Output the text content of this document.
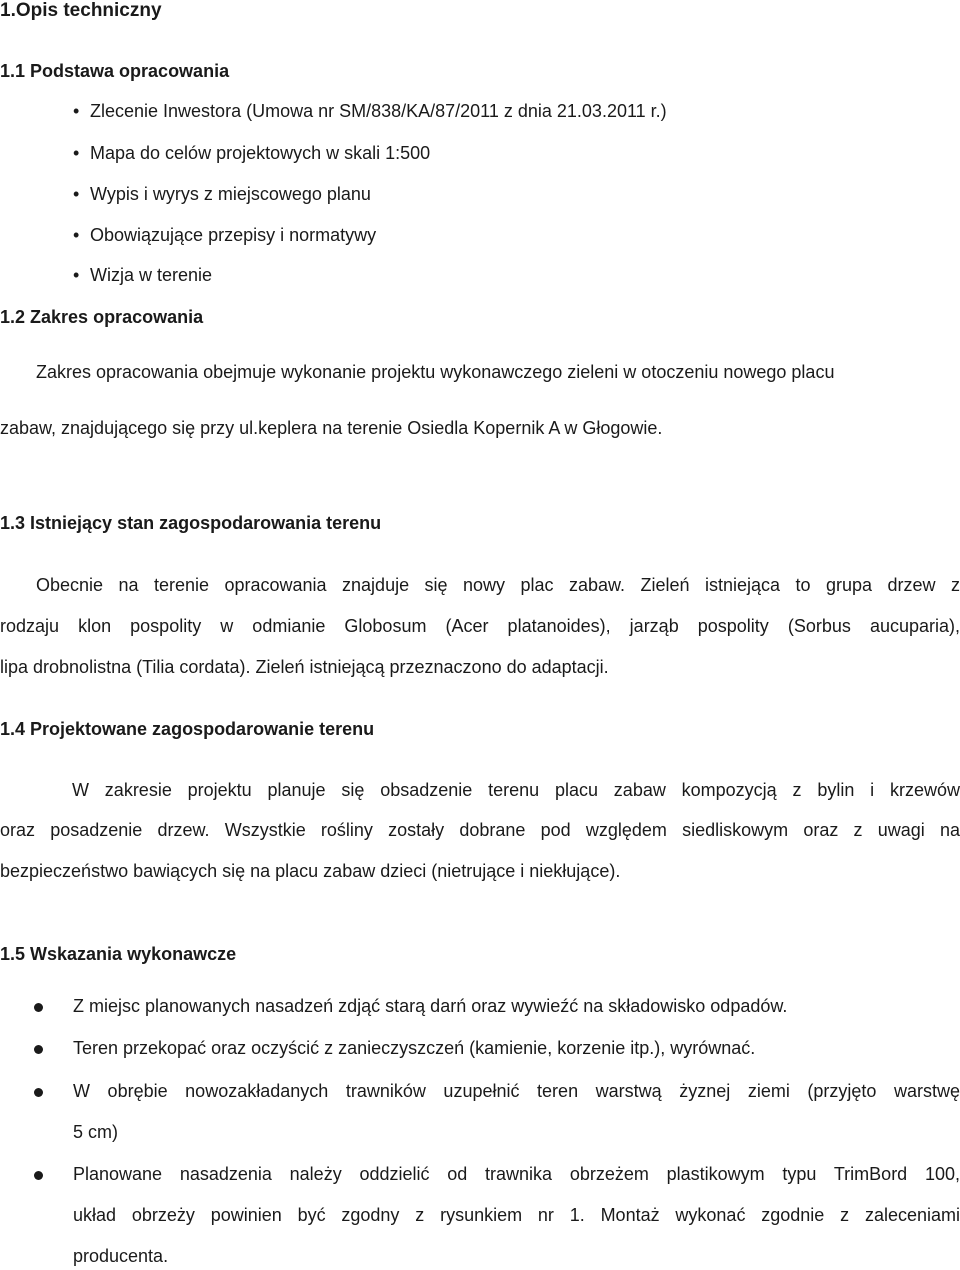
1.Opis techniczny
1.1 Podstawa opracowania
• Zlecenie Inwestora (Umowa nr SM/838/KA/87/2011 z dnia 21.03.2011 r.)
• Mapa do celów projektowych w skali 1:500
• Wypis i wyrys z miejscowego planu
• Obowiązujące przepisy i normatywy
• Wizja w terenie
1.2 Zakres opracowania
Zakres opracowania obejmuje wykonanie projektu wykonawczego zieleni w otoczeniu nowego placu
zabaw, znajdującego się przy ul.keplera na terenie Osiedla Kopernik A w Głogowie.
1.3 Istniejący stan zagospodarowania terenu
Obecnie na terenie opracowania znajduje się nowy plac zabaw. Zieleń istniejąca to grupa drzew z
rodzaju klon pospolity w odmianie Globosum (Acer platanoides), jarząb pospolity (Sorbus aucuparia),
lipa drobnolistna (Tilia cordata). Zieleń istniejącą przeznaczono do adaptacji.
1.4 Projektowane zagospodarowanie terenu
W zakresie projektu planuje się obsadzenie terenu placu zabaw kompozycją z bylin i krzewów
oraz posadzenie drzew. Wszystkie rośliny zostały dobrane pod względem siedliskowym oraz z uwagi na
bezpieczeństwo bawiących się na placu zabaw dzieci (nietrujące i niekłujące).
1.5 Wskazania wykonawcze
Z miejsc planowanych nasadzeń zdjąć starą darń oraz wywieźć na składowisko odpadów.
Teren przekopać oraz oczyścić z zanieczyszczeń (kamienie, korzenie itp.), wyrównać.
W obrębie nowozakładanych trawników uzupełnić teren warstwą żyznej ziemi (przyjęto warstwę
5 cm)
Planowane nasadzenia należy oddzielić od trawnika obrzeżem plastikowym typu TrimBord 100,
układ obrzeży powinien być zgodny z rysunkiem nr 1. Montaż wykonać zgodnie z zaleceniami
producenta.
